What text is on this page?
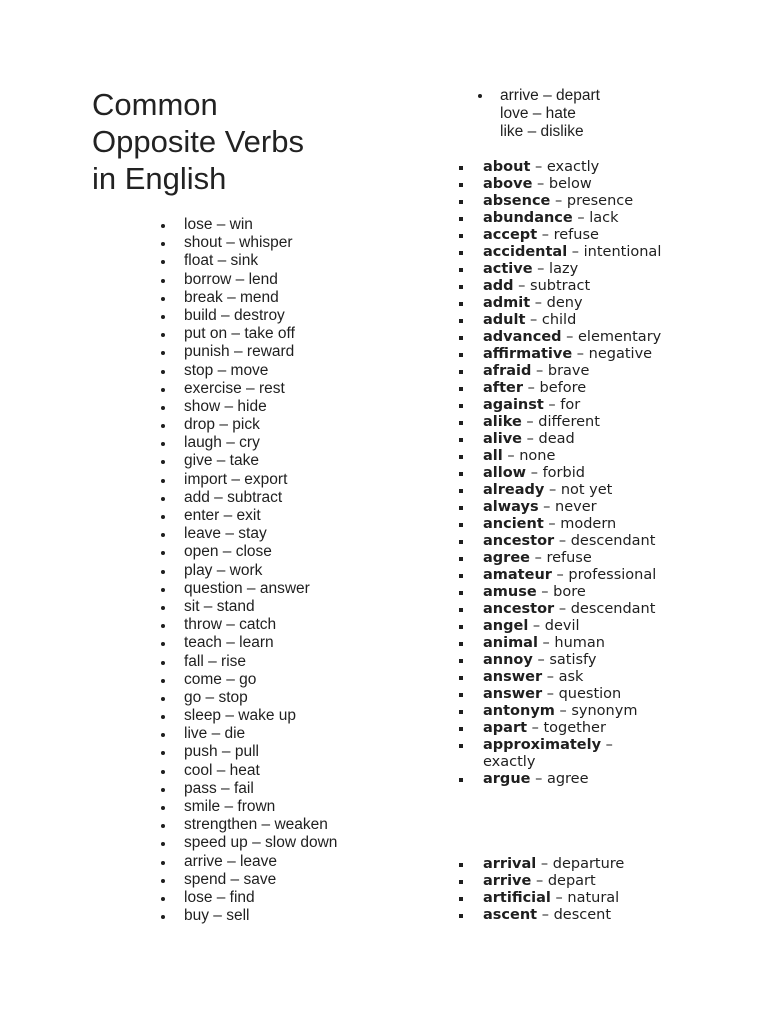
Common
Opposite Verbs
in English
lose – win
shout – whisper
float – sink
borrow – lend
break – mend
build – destroy
put on – take off
punish – reward
stop – move
exercise – rest
show – hide
drop – pick
laugh – cry
give – take
import – export
add – subtract
enter – exit
leave – stay
open – close
play – work
question – answer
sit – stand
throw – catch
teach – learn
fall – rise
come – go
go – stop
sleep – wake up
live – die
push – pull
cool – heat
pass – fail
smile – frown
strengthen – weaken
speed up – slow down
arrive – leave
spend – save
lose – find
buy – sell
arrive – depart
love – hate
like – dislike
about – exactly
above – below
absence – presence
abundance – lack
accept – refuse
accidental – intentional
active – lazy
add – subtract
admit – deny
adult – child
advanced – elementary
affirmative – negative
afraid – brave
after – before
against – for
alike – different
alive – dead
all – none
allow – forbid
already – not yet
always – never
ancient – modern
ancestor – descendant
agree – refuse
amateur – professional
amuse – bore
ancestor – descendant
angel – devil
animal – human
annoy – satisfy
answer – ask
answer – question
antonym – synonym
apart – together
approximately – exactly
argue – agree
arrival – departure
arrive – depart
artificial – natural
ascent – descent
